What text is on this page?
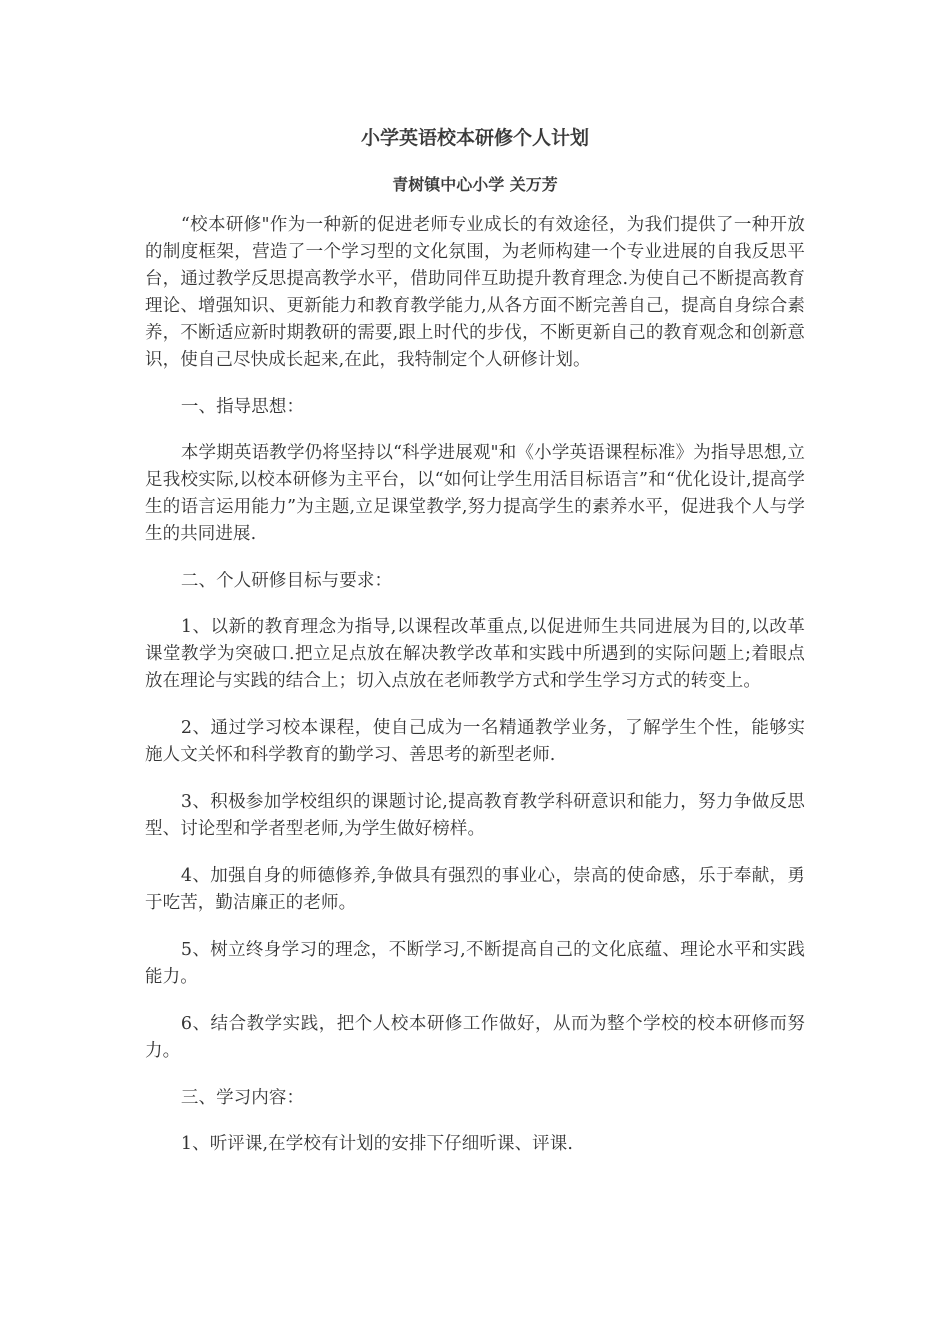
小学英语校本研修个人计划
青树镇中心小学 关万芳

“校本研修"作为一种新的促进老师专业成长的有效途径，为我们提供了一种开放的制度框架，营造了一个学习型的文化氛围，为老师构建一个专业进展的自我反思平台，通过教学反思提高教学水平，借助同伴互助提升教育理念.为使自己不断提高教育理论、增强知识、更新能力和教育教学能力,从各方面不断完善自己，提高自身综合素养，不断适应新时期教研的需要,跟上时代的步伐，不断更新自己的教育观念和创新意识，使自己尽快成长起来,在此，我特制定个人研修计划。

一、指导思想：

本学期英语教学仍将坚持以“科学进展观"和《小学英语课程标准》为指导思想,立足我校实际,以校本研修为主平台，以“如何让学生用活目标语言”和“优化设计,提高学生的语言运用能力”为主题,立足课堂教学,努力提高学生的素养水平，促进我个人与学生的共同进展.

二、个人研修目标与要求：

1、以新的教育理念为指导,以课程改革重点,以促进师生共同进展为目的,以改革课堂教学为突破口.把立足点放在解决教学改革和实践中所遇到的实际问题上;着眼点放在理论与实践的结合上；切入点放在老师教学方式和学生学习方式的转变上。

2、通过学习校本课程，使自己成为一名精通教学业务，了解学生个性，能够实施人文关怀和科学教育的勤学习、善思考的新型老师.

3、积极参加学校组织的课题讨论,提高教育教学科研意识和能力，努力争做反思型、讨论型和学者型老师,为学生做好榜样。

4、加强自身的师德修养,争做具有强烈的事业心，崇高的使命感，乐于奉献，勇于吃苦，勤洁廉正的老师。

5、树立终身学习的理念，不断学习,不断提高自己的文化底蕴、理论水平和实践能力。

6、结合教学实践，把个人校本研修工作做好，从而为整个学校的校本研修而努力。

三、学习内容：

1、听评课,在学校有计划的安排下仔细听课、评课.
